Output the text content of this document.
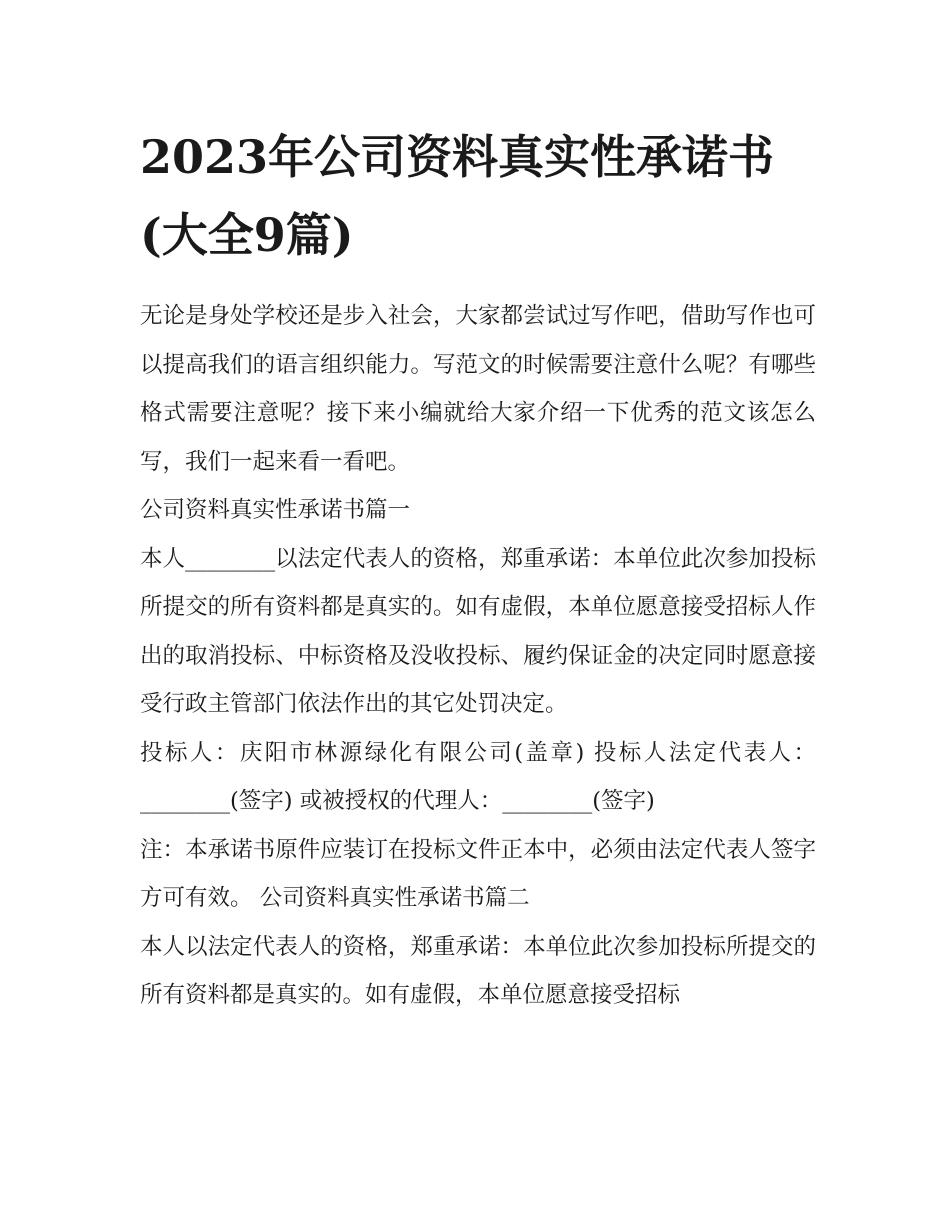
2023年公司资料真实性承诺书(大全9篇)

无论是身处学校还是步入社会，大家都尝试过写作吧，借助写作也可以提高我们的语言组织能力。写范文的时候需要注意什么呢？有哪些格式需要注意呢？接下来小编就给大家介绍一下优秀的范文该怎么写，我们一起来看一看吧。

公司资料真实性承诺书篇一

本人________以法定代表人的资格，郑重承诺：本单位此次参加投标所提交的所有资料都是真实的。如有虚假，本单位愿意接受招标人作出的取消投标、中标资格及没收投标、履约保证金的决定同时愿意接受行政主管部门依法作出的其它处罚决定。

投标人：庆阳市林源绿化有限公司(盖章) 投标人法定代表人：________(签字) 或被授权的代理人：________(签字)

注：本承诺书原件应装订在投标文件正本中，必须由法定代表人签字方可有效。 公司资料真实性承诺书篇二

本人以法定代表人的资格，郑重承诺：本单位此次参加投标所提交的所有资料都是真实的。如有虚假，本单位愿意接受招标
